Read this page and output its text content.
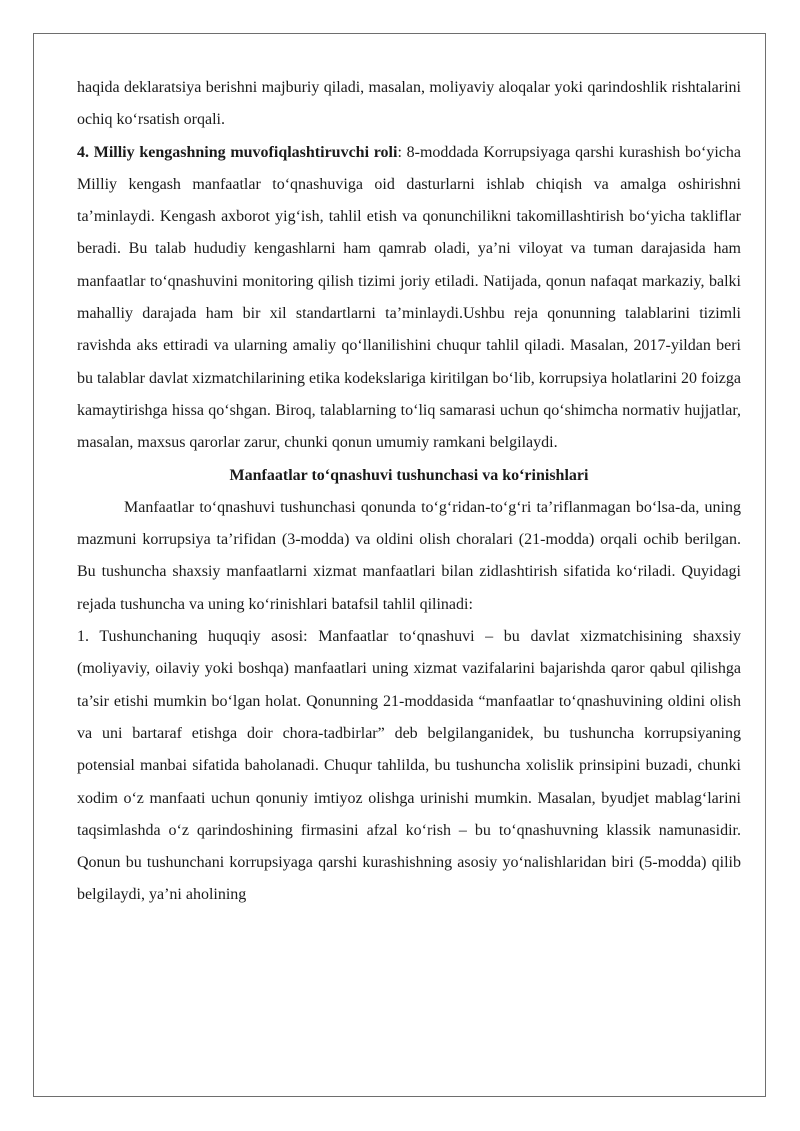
haqida deklaratsiya berishni majburiy qiladi, masalan, moliyaviy aloqalar yoki qarindoshlik rishtalarini ochiq koʻrsatish orqali.

4. Milliy kengashning muvofiqlashtiruvchi roli: 8-moddada Korrupsiyaga qarshi kurashish boʻyicha Milliy kengash manfaatlar toʻqnashuviga oid dasturlarni ishlab chiqish va amalga oshirishni ta’minlaydi. Kengash axborot yigʻish, tahlil etish va qonunchilikni takomillashtirish boʻyicha takliflar beradi. Bu talab hududiy kengashlarni ham qamrab oladi, ya’ni viloyat va tuman darajasida ham manfaatlar toʻqnashuvini monitoring qilish tizimi joriy etiladi. Natijada, qonun nafaqat markaziy, balki mahalliy darajada ham bir xil standartlarni ta’minlaydi.Ushbu reja qonunning talablarini tizimli ravishda aks ettiradi va ularning amaliy qoʻllanilishini chuqur tahlil qiladi. Masalan, 2017-yildan beri bu talablar davlat xizmatchilarining etika kodekslariga kiritilgan boʻlib, korrupsiya holatlarini 20 foizga kamaytirishga hissa qoʻshgan. Biroq, talablarning toʻliq samarasi uchun qoʻshimcha normativ hujjatlar, masalan, maxsus qarorlar zarur, chunki qonun umumiy ramkani belgilaydi.

Manfaatlar toʻqnashuvi tushunchasi va koʻrinishlari

Manfaatlar toʻqnashuvi tushunchasi qonunda toʻgʻridan-toʻgʻri ta’riflanmagan boʻlsa-da, uning mazmuni korrupsiya ta’rifidan (3-modda) va oldini olish choralari (21-modda) orqali ochib berilgan. Bu tushuncha shaxsiy manfaatlarni xizmat manfaatlari bilan zidlashtirish sifatida koʻriladi. Quyidagi rejada tushuncha va uning koʻrinishlari batafsil tahlil qilinadi:

1. Tushunchaning huquqiy asosi: Manfaatlar toʻqnashuvi – bu davlat xizmatchisining shaxsiy (moliyaviy, oilaviy yoki boshqa) manfaatlari uning xizmat vazifalarini bajarishda qaror qabul qilishga ta’sir etishi mumkin boʻlgan holat. Qonunning 21-moddasida “manfaatlar toʻqnashuvining oldini olish va uni bartaraf etishga doir chora-tadbirlar” deb belgilanganidek, bu tushuncha korrupsiyaning potensial manbai sifatida baholanadi. Chuqur tahlilda, bu tushuncha xolislik prinsipini buzadi, chunki xodim oʻz manfaati uchun qonuniy imtiyoz olishga urinishi mumkin. Masalan, byudjet mablagʻlarini taqsimlashda oʻz qarindoshining firmasini afzal koʻrish – bu toʻqnashuvning klassik namunasidir. Qonun bu tushunchani korrupsiyaga qarshi kurashishning asosiy yoʻnalishlaridan biri (5-modda) qilib belgilaydi, ya’ni aholining
